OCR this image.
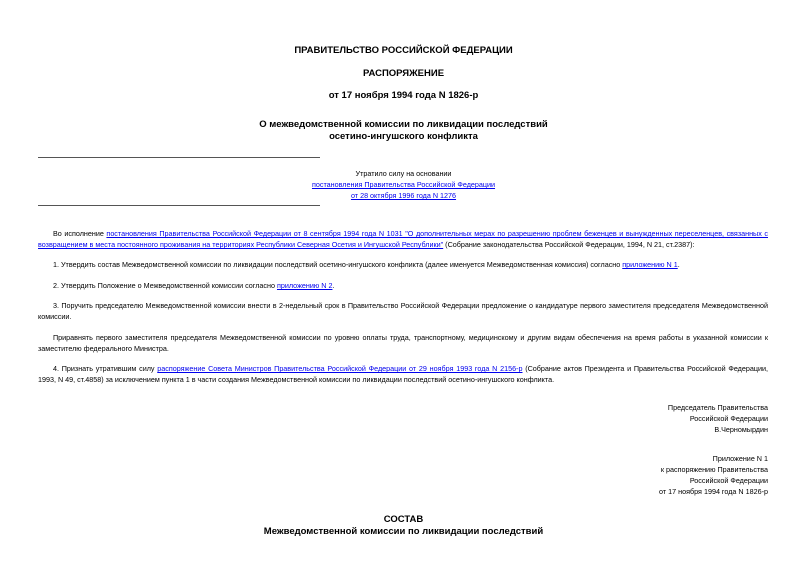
ПРАВИТЕЛЬСТВО РОССИЙСКОЙ ФЕДЕРАЦИИ
РАСПОРЯЖЕНИЕ
от 17 ноября 1994 года N 1826-р
О межведомственной комиссии по ликвидации последствий
осетино-ингушского конфликта
Утратило силу на основании
постановления Правительства Российской Федерации
от 28 октября 1996 года N 1276
Во исполнение постановления Правительства Российской Федерации от 8 сентября 1994 года N 1031 "О дополнительных мерах по разрешению проблем беженцев и вынужденных переселенцев, связанных с возвращением в места постоянного проживания на территориях Республики Северная Осетия и Ингушской Республики" (Собрание законодательства Российской Федерации, 1994, N 21, ст.2387):
1. Утвердить состав Межведомственной комиссии по ликвидации последствий осетино-ингушского конфликта (далее именуется Межведомственная комиссия) согласно приложению N 1.
2. Утвердить Положение о Межведомственной комиссии согласно приложению N 2.
3. Поручить председателю Межведомственной комиссии внести в 2-недельный срок в Правительство Российской Федерации предложение о кандидатуре первого заместителя председателя Межведомственной комиссии.
Приравнять первого заместителя председателя Межведомственной комиссии по уровню оплаты труда, транспортному, медицинскому и другим видам обеспечения на время работы в указанной комиссии к заместителю федерального Министра.
4. Признать утратившим силу распоряжение Совета Министров Правительства Российской Федерации от 29 ноября 1993 года N 2156-р (Собрание актов Президента и Правительства Российской Федерации, 1993, N 49, ст.4858) за исключением пункта 1 в части создания Межведомственной комиссии по ликвидации последствий осетино-ингушского конфликта.
Председатель Правительства
Российской Федерации
В.Черномырдин
Приложение N 1
к распоряжению Правительства
Российской Федерации
от 17 ноября 1994 года N 1826-р
СОСТАВ
Межведомственной комиссии по ликвидации последствий
